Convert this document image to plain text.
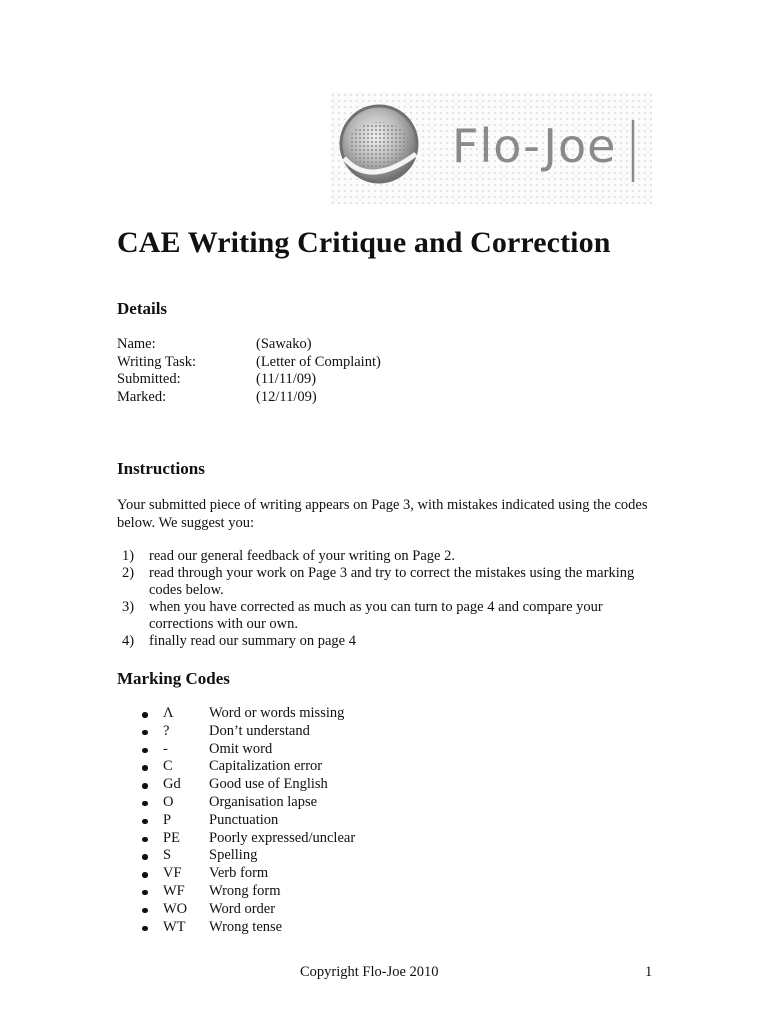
Flo-Joe
CAE Writing Critique and Correction
Details
Name:	(Sawako)
Writing Task:	(Letter of Complaint)
Submitted:	(11/11/09)
Marked:	(12/11/09)
Instructions

Your submitted piece of writing appears on Page 3, with mistakes indicated using the codes below. We suggest you:

1) read our general feedback of your writing on Page 2.
2) read through your work on Page 3 and try to correct the mistakes using the marking codes below.
3) when you have corrected as much as you can turn to page 4 and compare your corrections with our own.
4) finally read our summary on page 4
Marking Codes
Λ Word or words missing
?	Don’t understand
-	Omit word
C	Capitalization error
Gd Good use of English
O Organisation lapse
P	Punctuation
PE Poorly expressed/unclear
S	Spelling
VF Verb form
WF Wrong form
WO Word order
WT Wrong tense
Copyright Flo-Joe 2010	1
